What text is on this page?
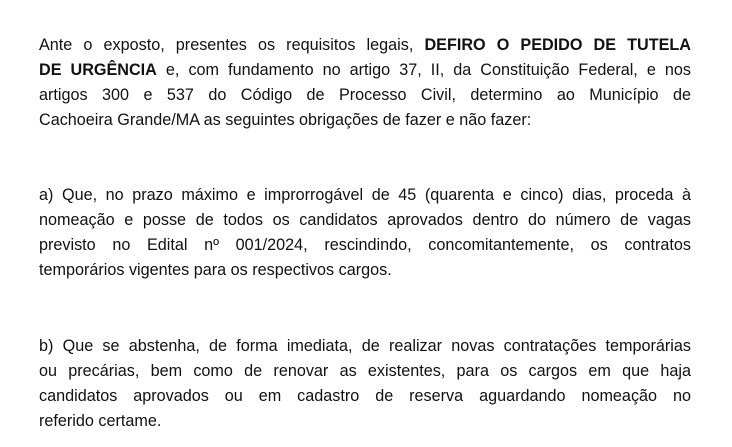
Ante o exposto, presentes os requisitos legais, DEFIRO O PEDIDO DE TUTELA
DE URGÊNCIA e, com fundamento no artigo 37, II, da Constituição Federal, e nos
artigos 300 e 537 do Código de Processo Civil, determino ao Município de
Cachoeira Grande/MA as seguintes obrigações de fazer e não fazer:

a) Que, no prazo máximo e improrrogável de 45 (quarenta e cinco) dias, proceda à
nomeação e posse de todos os candidatos aprovados dentro do número de vagas
previsto no Edital nº 001/2024, rescindindo, concomitantemente, os contratos
temporários vigentes para os respectivos cargos.

b) Que se abstenha, de forma imediata, de realizar novas contratações temporárias
ou precárias, bem como de renovar as existentes, para os cargos em que haja
candidatos aprovados ou em cadastro de reserva aguardando nomeação no
referido certame.
